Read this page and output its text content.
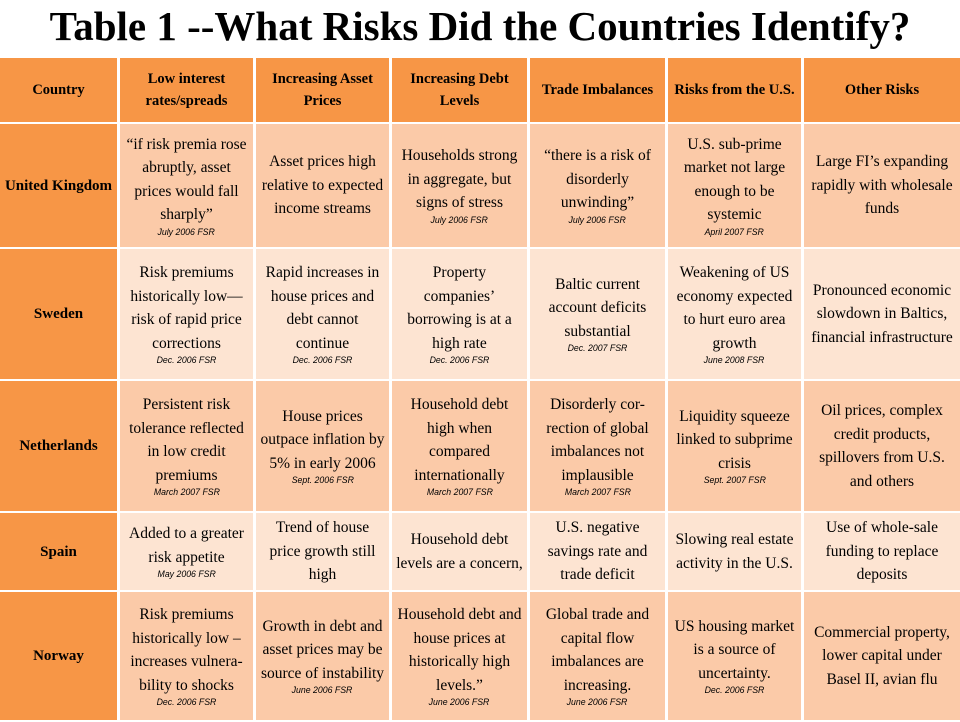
Table 1 --What Risks Did the Countries Identify?
Country
Low interest rates/spreads
Increasing Asset Prices
Increasing Debt Levels
Trade Imbalances Risks from the U.S.	Other Risks
United Kingdom
“if risk premia rose abruptly, asset prices would fall sharply”
July 2006 FSR
Asset prices high relative to expected income streams
Households strong in aggregate, but signs of stress
July 2006 FSR
“there is a risk of disorderly unwinding”
July 2006 FSR
U.S. sub-prime market not large enough to be systemic
April 2007 FSR
Large FI’s expanding rapidly with wholesale funds
Sweden
Risk premiums historically low—risk of rapid price corrections
Dec. 2006 FSR
Rapid increases in house prices and debt cannot continue
Dec. 2006 FSR
Property companies’ borrowing is at a high rate
Dec. 2006 FSR
Baltic current account deficits substantial
Dec. 2007 FSR
Weakening of US economy expected to hurt euro area growth
June 2008 FSR
Pronounced economic slowdown in Baltics, financial infrastructure
Netherlands
Persistent risk tolerance reflected in low credit premiums
March 2007 FSR
House prices outpace inflation by 5% in early 2006
Sept. 2006 FSR
Household debt high when compared internationally
March 2007 FSR
Disorderly cor-rection of global imbalances not implausible
March 2007 FSR
Liquidity squeeze linked to subprime crisis
Sept. 2007 FSR
Oil prices, complex credit products, spillovers from U.S. and others
Spain
Added to a greater risk appetite
May 2006 FSR
Trend of house price growth still high
Household debt levels are a concern,
U.S. negative savings rate and trade deficit
Slowing real estate activity in the U.S.
Use of whole-sale funding to replace deposits
Norway
Risk premiums historically low – increases vulnera-bility to shocks
Dec. 2006 FSR
Growth in debt and asset prices may be source of instability
June 2006 FSR
Household debt and house prices at historically high levels.”
June 2006 FSR
Global trade and capital flow imbalances are increasing.
June 2006 FSR
US housing market is a source of uncertainty.
Dec. 2006 FSR
Commercial property, lower capital under Basel II, avian flu
